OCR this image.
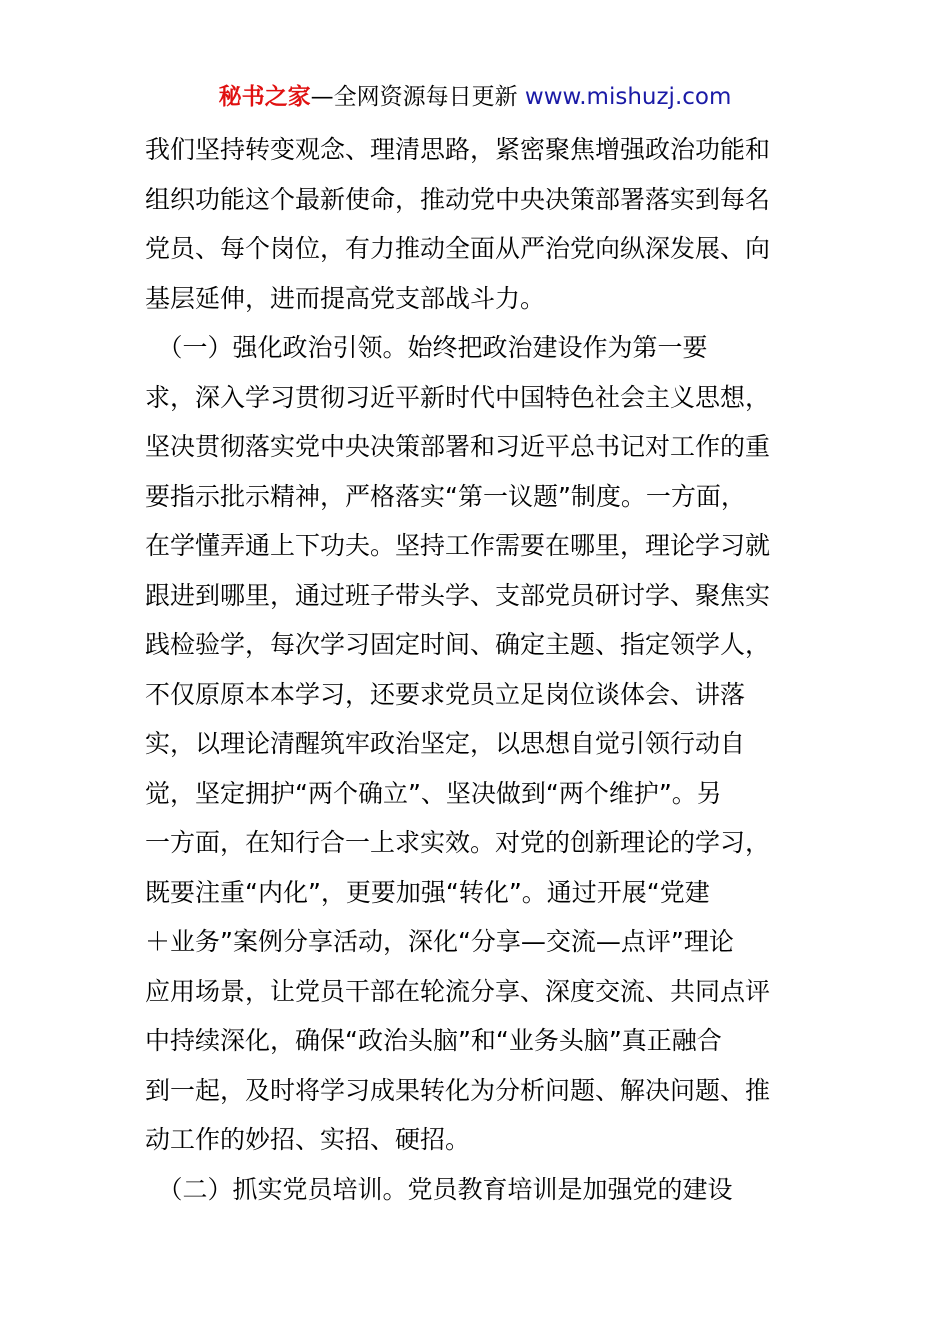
秘书之家—全网资源每日更新 www.mishuzj.com
我们坚持转变观念、理清思路，紧密聚焦增强政治功能和
组织功能这个最新使命，推动党中央决策部署落实到每名
党员、每个岗位，有力推动全面从严治党向纵深发展、向
基层延伸，进而提高党支部战斗力。
　（一）强化政治引领。始终把政治建设作为第一要
求，深入学习贯彻习近平新时代中国特色社会主义思想，
坚决贯彻落实党中央决策部署和习近平总书记对工作的重
要指示批示精神，严格落实“第一议题”制度。一方面，
在学懂弄通上下功夫。坚持工作需要在哪里，理论学习就
跟进到哪里，通过班子带头学、支部党员研讨学、聚焦实
践检验学，每次学习固定时间、确定主题、指定领学人，
不仅原原本本学习，还要求党员立足岗位谈体会、讲落
实，以理论清醒筑牢政治坚定，以思想自觉引领行动自
觉，坚定拥护“两个确立”、坚决做到“两个维护”。另
一方面，在知行合一上求实效。对党的创新理论的学习，
既要注重“内化”，更要加强“转化”。通过开展“党建
＋业务”案例分享活动，深化“分享—交流—点评”理论
应用场景，让党员干部在轮流分享、深度交流、共同点评
中持续深化，确保“政治头脑”和“业务头脑”真正融合
到一起，及时将学习成果转化为分析问题、解决问题、推
动工作的妙招、实招、硬招。
　（二）抓实党员培训。党员教育培训是加强党的建设
